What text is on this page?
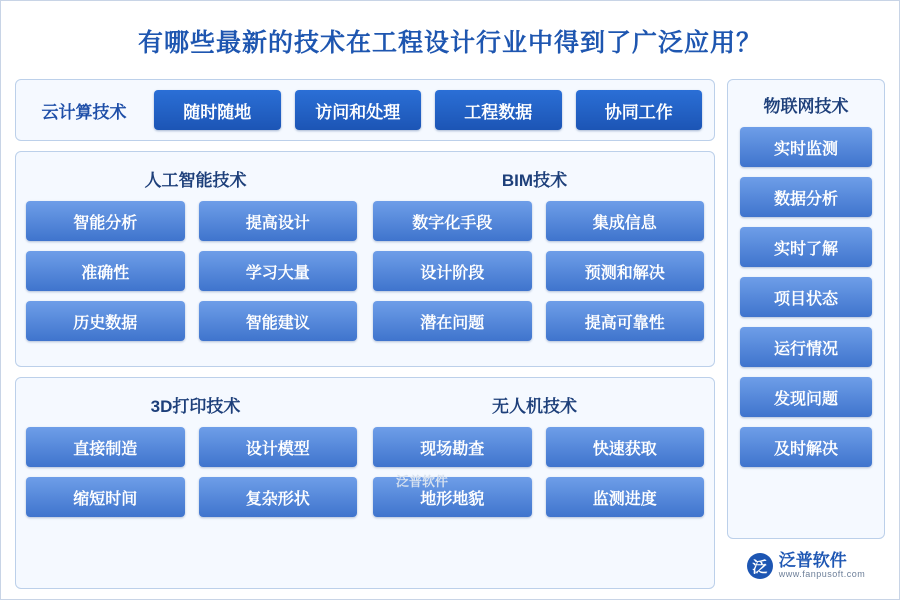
有哪些最新的技术在工程设计行业中得到了广泛应用？
云计算技术	随时随地	访问和处理	工程数据	协同工作
人工智能技术	BIM技术
智能分析	提高设计
准确性	学习大量
历史数据	智能建议
数字化手段	集成信息
设计阶段	预测和解决
潜在问题	提高可靠性
3D打印技术	无人机技术
直接制造	设计模型
缩短时间	复杂形状
现场勘查	快速获取
地形地貌	监测进度
物联网技术
实时监测
数据分析
实时了解
项目状态
运行情况
发现问题
及时解决
泛 泛普软件
www.fanpusoft.com
泛普软件
